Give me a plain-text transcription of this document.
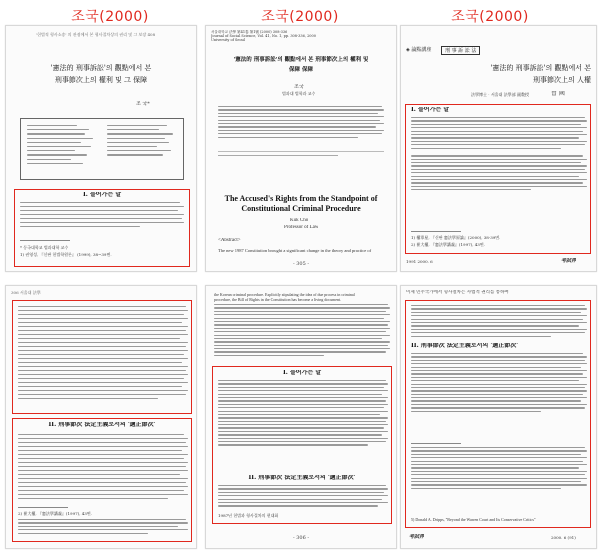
조국(2000)	조국(2000)	조국(2000)
'헌법적 형사소송' 의 관점에서 본 형사절차상의 권리 및 그 보장 408
'憲法的 刑事訴訟'의 觀點에서 본
刑事節次上의 權利 및 그 保障
조 국*
I. 들어가는 말
* 동국대학교 법과대학 교수
1) 권영성, 『신판 헌법학원론』 (1999), 38~39면.
서울대학교 法學 第41卷 第1號 (2000) 308-336
Journal of Social Science, Vol. 41, No. 1, pp. 308-336, 2000
University of Seoul
'憲法的 刑事訴訟'의 觀點에서 본 刑事節次上의 權利 및
保障 保障
조국
법과대 법학과 교수
The Accused's Rights from the Standpoint of
Constitutional Criminal Procedure
Kuk Cho
Professor of Law
<Abstract>
The new 1987 Constitution brought a significant change in the theory and practice of
- 305 -
◈ 論點講座	刑 事 訴 訟 法
'憲法的 刑事訴訟'의 觀點에서 본
刑事節次上의 人權
法學博士 · 서울대 法學部 副敎授	曺 國
I. 들어가는 말
1) 權寧星, 『신판 憲法學原論』(2000), 38-39면.
2) 崔大權, 『憲法學講義』(1997), 43면.
1991 2000. 6	考試界
306 서울대 法學
II. 刑事節次 法定主義로서의 '適正節次'
2) 崔大權, 『憲法學講義』(1997), 43면.
the Korean criminal procedure. Explicitly stipulating the idea of due process in criminal
procedure, the Bill of Rights in the Constitution has become a living document.
I. 들어가는 말
II. 刑事節次 法定主義로서의 '適正節次'
1987년 헌법과 형사절차의 현대화
- 306 -
이제 민주국가에서 형사절차는 사법적 권리를 통하여
II. 刑事節次 法定主義로서의 '適正節次'
5) Donald A. Dripps, "Beyond the Warren Court and Its Conservative Critics"
考試界	2000. 6 (91)
